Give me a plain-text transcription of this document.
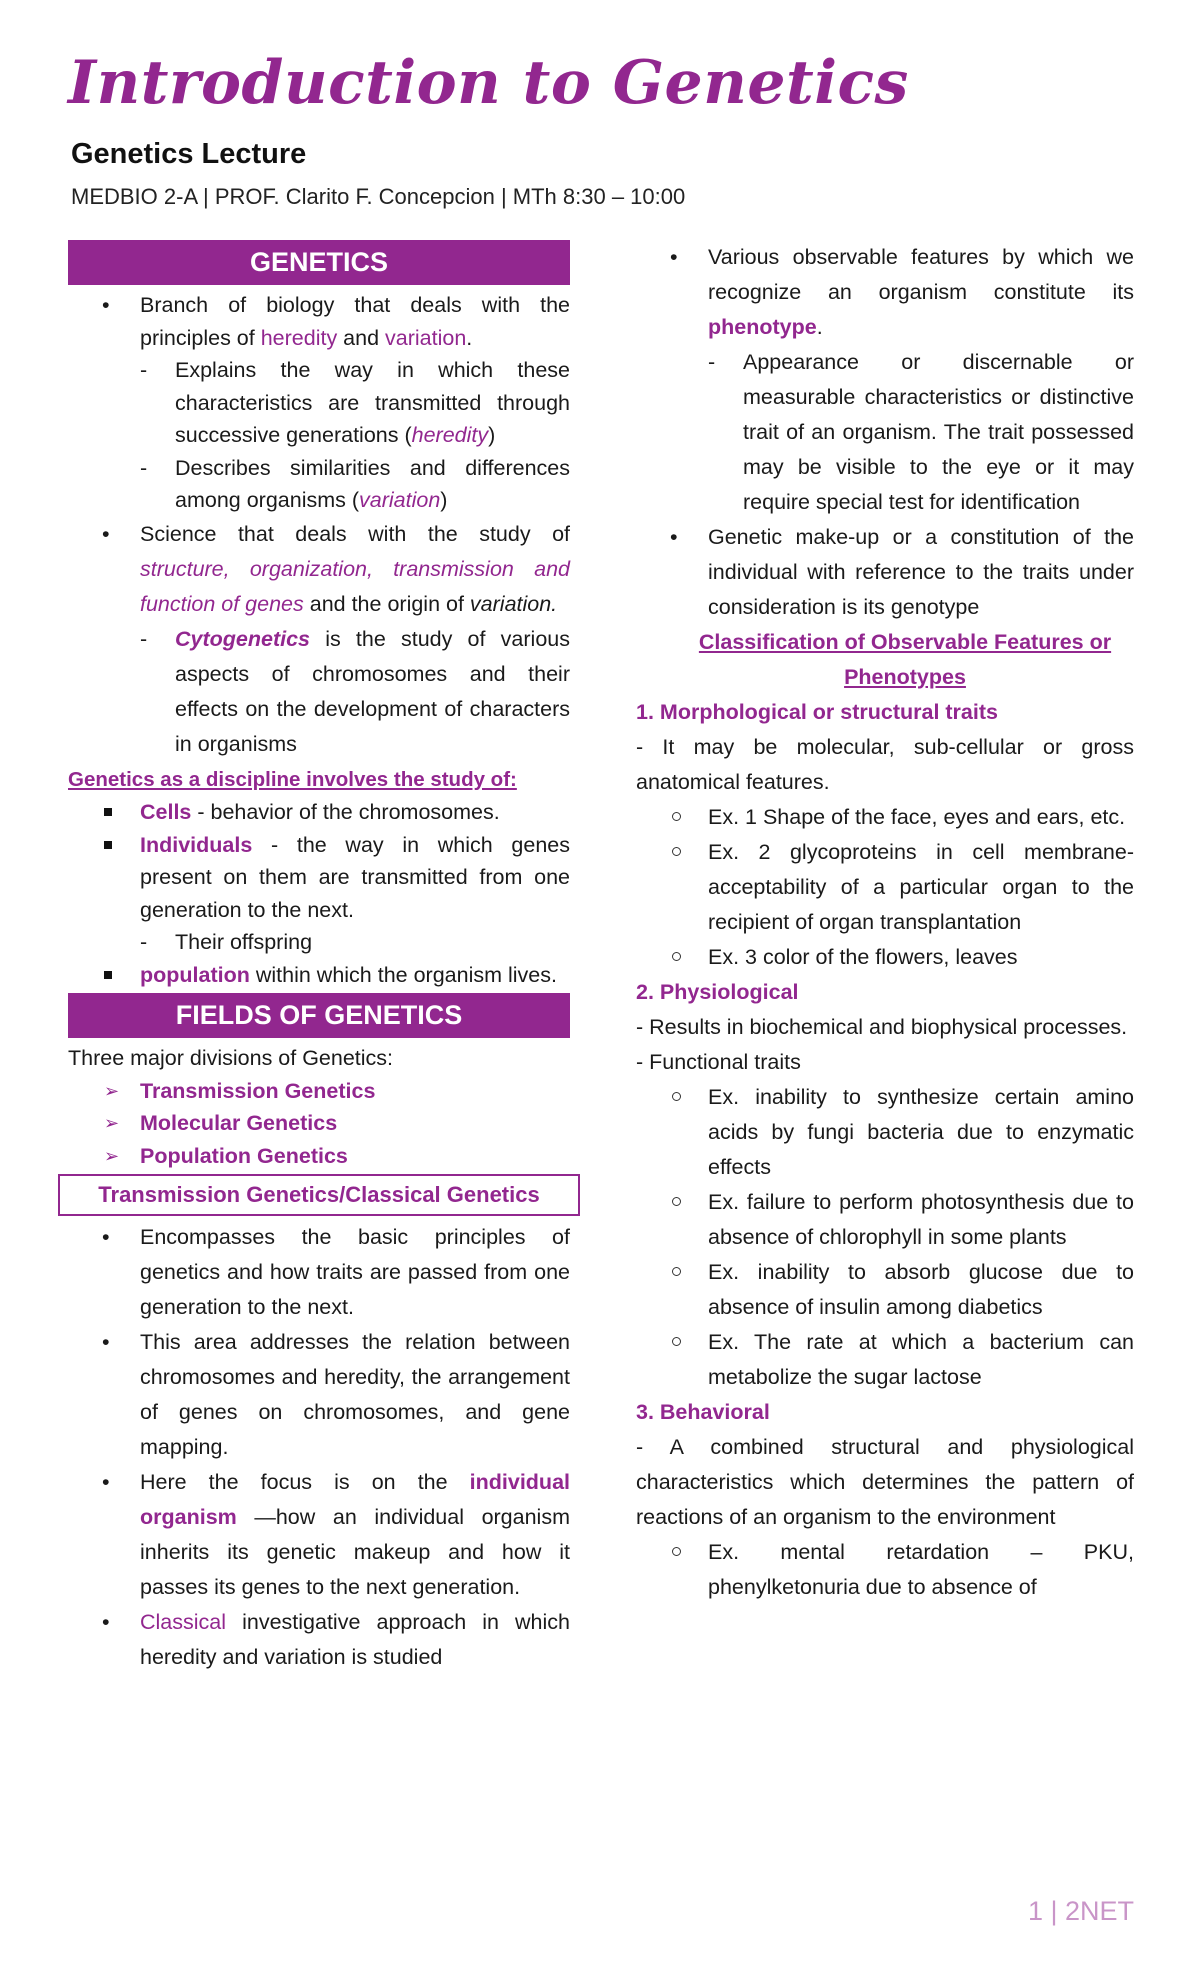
Introduction to Genetics
Genetics Lecture
MEDBIO 2-A | PROF. Clarito F. Concepcion | MTh 8:30 – 10:00
GENETICS
•	Branch of biology that deals with the principles of heredity and variation.
- Explains the way in which these characteristics are transmitted through successive generations (heredity)
- Describes similarities and differences among organisms (variation)
•	Science that deals with the study of structure, organization, transmission and function of genes and the origin of variation.
- Cytogenetics is the study of various aspects of chromosomes and their effects on the development of characters in organisms
Genetics as a discipline involves the study of:
Cells - behavior of the chromosomes.
Individuals - the way in which genes present on them are transmitted from one generation to the next.
- Their offspring
population within which the organism lives.
FIELDS OF GENETICS
Three major divisions of Genetics:
➢ Transmission Genetics
➢ Molecular Genetics
➢ Population Genetics
Transmission Genetics/Classical Genetics
•	Encompasses the basic principles of genetics and how traits are passed from one generation to the next.
•	This area addresses the relation between chromosomes and heredity, the arrangement of genes on chromosomes, and gene mapping.
•	Here the focus is on the individual organism —how an individual organism inherits its genetic makeup and how it passes its genes to the next generation.
•	Classical investigative approach in which heredity and variation is studied
• Various observable features by which we recognize an organism constitute its phenotype.
- Appearance or discernable or measurable characteristics or distinctive trait of an organism. The trait possessed may be visible to the eye or it may require special test for identification
• Genetic make-up or a constitution of the individual with reference to the traits under consideration is its genotype
Classification of Observable Features or
Phenotypes
1. Morphological or structural traits
- It may be molecular, sub-cellular or gross anatomical features.
Ex. 1 Shape of the face, eyes and ears, etc.
Ex. 2 glycoproteins in cell membrane- acceptability of a particular organ to the recipient of organ transplantation
Ex. 3 color of the flowers, leaves
2. Physiological
- Results in biochemical and biophysical processes.
- Functional traits
Ex. inability to synthesize certain amino acids by fungi bacteria due to enzymatic effects
Ex. failure to perform photosynthesis due to absence of chlorophyll in some plants
Ex. inability to absorb glucose due to absence of insulin among diabetics
Ex. The rate at which a bacterium can metabolize the sugar lactose
3. Behavioral
- A combined structural and physiological characteristics which determines the pattern of reactions of an organism to the environment
Ex. mental retardation – PKU, phenylketonuria due to absence of
1 | 2NET
